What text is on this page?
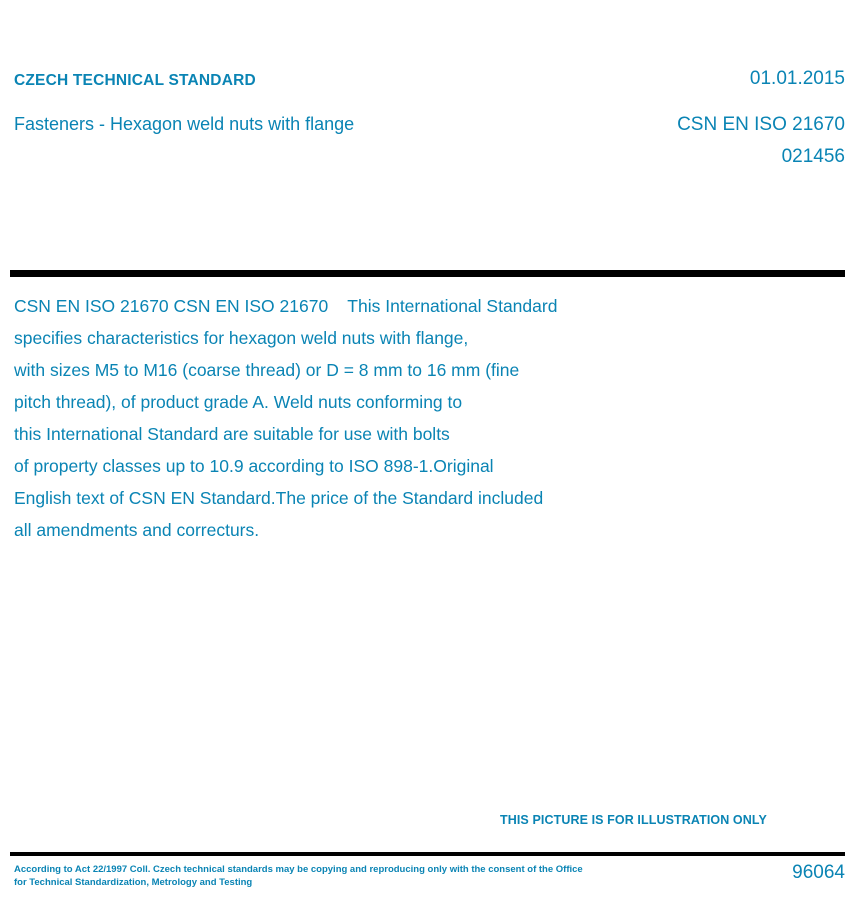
CZECH TECHNICAL STANDARD	01.01.2015
Fasteners - Hexagon weld nuts with flange	CSN EN ISO 21670
021456
CSN EN ISO 21670 CSN EN ISO 21670    This International Standard
specifies characteristics for hexagon weld nuts with flange,
with sizes M5 to M16 (coarse thread) or D = 8 mm to 16 mm (fine
pitch thread), of product grade A. Weld nuts conforming to
this International Standard are suitable for use with bolts
of property classes up to 10.9 according to ISO 898-1.Original
English text of CSN EN Standard.The price of the Standard included
all amendments and correcturs.
THIS PICTURE IS FOR ILLUSTRATION ONLY
According to Act 22/1997 Coll. Czech technical standards may be copying and reproducing only with the consent of the Office
for Technical Standardization, Metrology and Testing	96064
